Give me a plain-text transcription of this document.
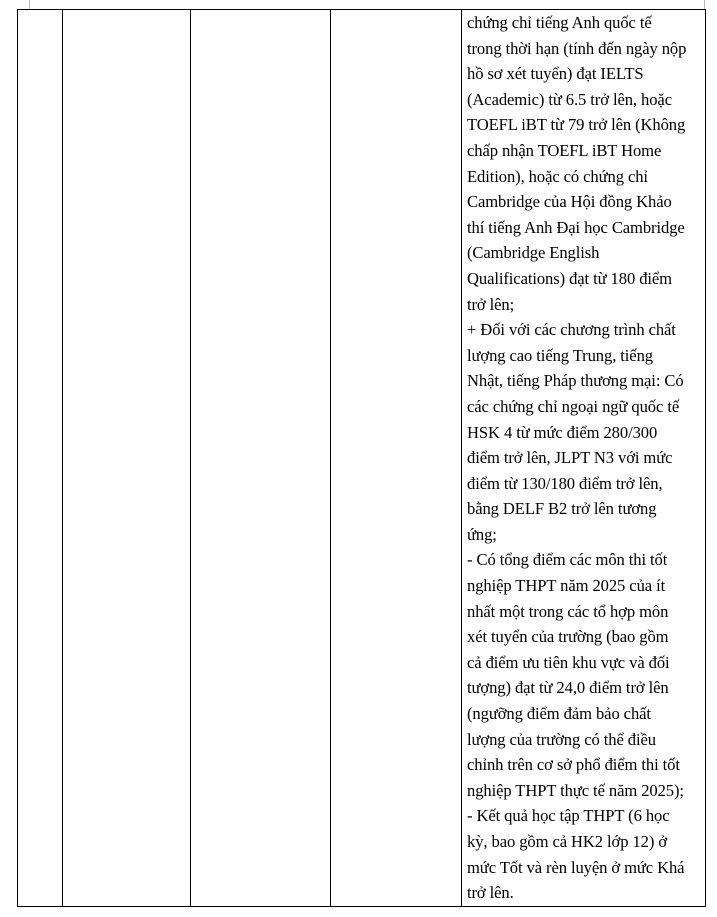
chứng chỉ tiếng Anh quốc tế
trong thời hạn (tính đến ngày nộp
hồ sơ xét tuyển) đạt IELTS
(Academic) từ 6.5 trở lên, hoặc
TOEFL iBT từ 79 trở lên (Không
chấp nhận TOEFL iBT Home
Edition), hoặc có chứng chỉ
Cambridge của Hội đồng Khảo
thí tiếng Anh Đại học Cambridge
(Cambridge English
Qualifications) đạt từ 180 điểm
trở lên;

+ Đối với các chương trình chất
lượng cao tiếng Trung, tiếng
Nhật, tiếng Pháp thương mại: Có
các chứng chỉ ngoại ngữ quốc tế
HSK 4 từ mức điểm 280/300
điểm trở lên, JLPT N3 với mức
điểm từ 130/180 điểm trở lên,
bằng DELF B2 trở lên tương
ứng;

- Có tổng điểm các môn thi tốt
nghiệp THPT năm 2025 của ít
nhất một trong các tổ hợp môn
xét tuyển của trường (bao gồm
cả điểm ưu tiên khu vực và đối
tượng) đạt từ 24,0 điểm trở lên
(ngưỡng điểm đảm bảo chất
lượng của trường có thể điều
chỉnh trên cơ sở phổ điểm thi tốt
nghiệp THPT thực tế năm 2025);

- Kết quả học tập THPT (6 học
kỳ, bao gồm cả HK2 lớp 12) ở
mức Tốt và rèn luyện ở mức Khá
trở lên.
